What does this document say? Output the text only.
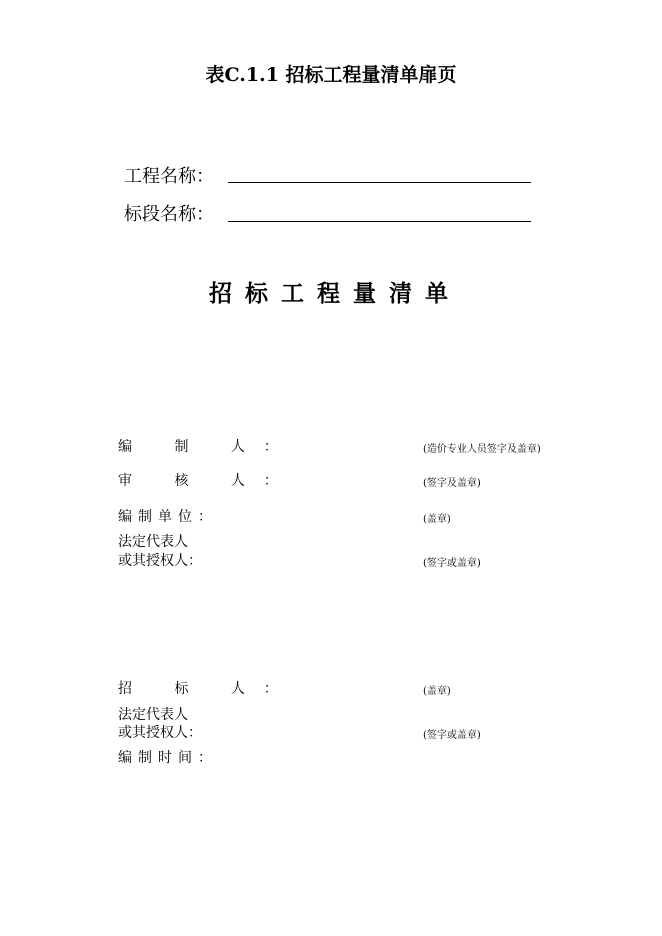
表C.1.1 招标工程量清单扉页
工程名称：
标段名称：
招标工程量清单
编 制 人：	(造价专业人员签字及盖章)
审 核 人：	(签字及盖章)
编制单位：	(盖章)
法定代表人
或其授权人：	(签字或盖章)
招 标 人：	(盖章)
法定代表人
或其授权人：	(签字或盖章)
编制时间：
